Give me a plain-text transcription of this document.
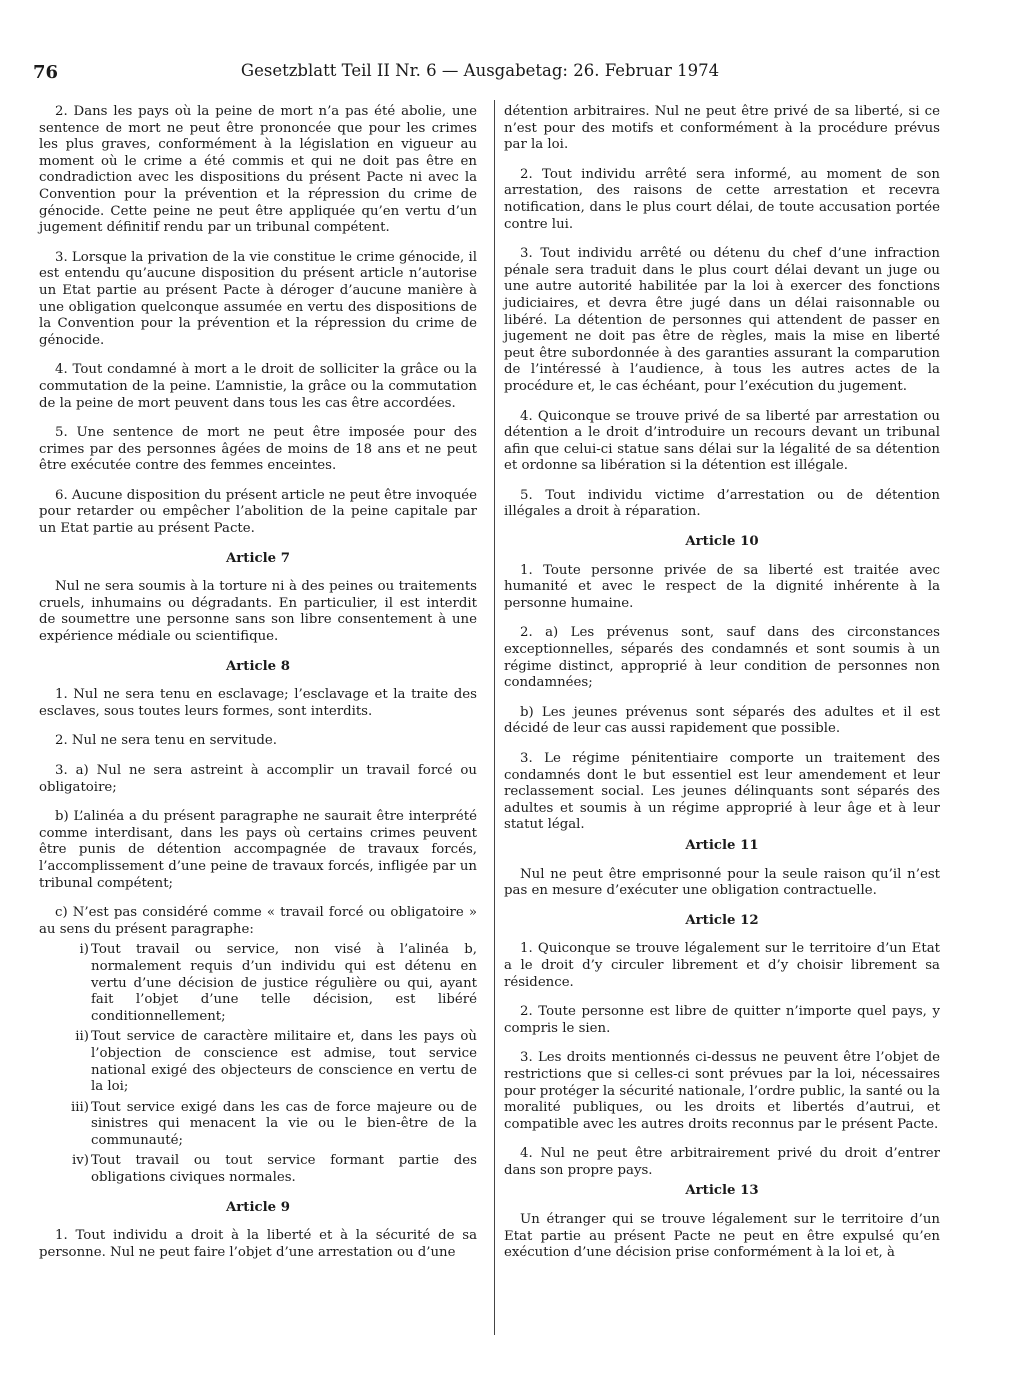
76	Gesetzblatt Teil II Nr. 6 — Ausgabetag: 26. Februar 1974

2. Dans les pays où la peine de mort n’a pas été abolie, une sentence de mort ne peut être prononcée que pour les crimes les plus graves, conformément à la législation en vigueur au moment où le crime a été commis et qui ne doit pas être en condradiction avec les dispositions du présent Pacte ni avec la Convention pour la prévention et la répression du crime de génocide. Cette peine ne peut être appliquée qu’en vertu d’un jugement définitif rendu par un tribunal compétent.

3. Lorsque la privation de la vie constitue le crime génocide, il est entendu qu’aucune disposition du présent article n’autorise un Etat partie au présent Pacte à déroger d’aucune manière à une obligation quelconque assumée en vertu des dispositions de la Convention pour la prévention et la répression du crime de génocide.

4. Tout condamné à mort a le droit de solliciter la grâce ou la commutation de la peine. L’amnistie, la grâce ou la commutation de la peine de mort peuvent dans tous les cas être accordées.

5. Une sentence de mort ne peut être imposée pour des crimes par des personnes âgées de moins de 18 ans et ne peut être exécutée contre des femmes enceintes.

6. Aucune disposition du présent article ne peut être invoquée pour retarder ou empêcher l’abolition de la peine capitale par un Etat partie au présent Pacte.

Article 7

Nul ne sera soumis à la torture ni à des peines ou traitements cruels, inhumains ou dégradants. En particulier, il est interdit de soumettre une personne sans son libre consentement à une expérience médiale ou scientifique.

Article 8

1. Nul ne sera tenu en esclavage; l’esclavage et la traite des esclaves, sous toutes leurs formes, sont interdits.

2. Nul ne sera tenu en servitude.

3. a) Nul ne sera astreint à accomplir un travail forcé ou obligatoire;

b) L’alinéa a du présent paragraphe ne saurait être interprété comme interdisant, dans les pays où certains crimes peuvent être punis de détention accompagnée de travaux forcés, l’accomplissement d’une peine de travaux forcés, infligée par un tribunal compétent;

c) N’est pas considéré comme « travail forcé ou obligatoire » au sens du présent paragraphe:

i) Tout travail ou service, non visé à l’alinéa b, normalement requis d’un individu qui est détenu en vertu d’une décision de justice régulière ou qui, ayant fait l’objet d’une telle décision, est libéré conditionnellement;
ii) Tout service de caractère militaire et, dans les pays où l’objection de conscience est admise, tout service national exigé des objecteurs de conscience en vertu de la loi;
iii) Tout service exigé dans les cas de force majeure ou de sinistres qui menacent la vie ou le bien-être de la communauté;
iv) Tout travail ou tout service formant partie des obligations civiques normales.
Article 9

1. Tout individu a droit à la liberté et à la sécurité de sa personne. Nul ne peut faire l’objet d’une arrestation ou d’une

détention arbitraires. Nul ne peut être privé de sa liberté, si ce n’est pour des motifs et conformément à la procédure prévus par la loi.

2. Tout individu arrêté sera informé, au moment de son arrestation, des raisons de cette arrestation et recevra notification, dans le plus court délai, de toute accusation portée contre lui.

3. Tout individu arrêté ou détenu du chef d’une infraction pénale sera traduit dans le plus court délai devant un juge ou une autre autorité habilitée par la loi à exercer des fonctions judiciaires, et devra être jugé dans un délai raisonnable ou libéré. La détention de personnes qui attendent de passer en jugement ne doit pas être de règles, mais la mise en liberté peut être subordonnée à des garanties assurant la comparution de l’intéressé à l’audience, à tous les autres actes de la procédure et, le cas échéant, pour l’exécution du jugement.

4. Quiconque se trouve privé de sa liberté par arrestation ou détention a le droit d’introduire un recours devant un tribunal afin que celui-ci statue sans délai sur la légalité de sa détention et ordonne sa libération si la détention est illégale.

5. Tout individu victime d’arrestation ou de détention illégales a droit à réparation.

Article 10

1. Toute personne privée de sa liberté est traitée avec humanité et avec le respect de la dignité inhérente à la personne humaine.

2. a) Les prévenus sont, sauf dans des circonstances exceptionnelles, séparés des condamnés et sont soumis à un régime distinct, approprié à leur condition de personnes non condamnées;

b) Les jeunes prévenus sont séparés des adultes et il est décidé de leur cas aussi rapidement que possible.

3. Le régime pénitentiaire comporte un traitement des condamnés dont le but essentiel est leur amendement et leur reclassement social. Les jeunes délinquants sont séparés des adultes et soumis à un régime approprié à leur âge et à leur statut légal.

Article 11

Nul ne peut être emprisonné pour la seule raison qu’il n’est pas en mesure d’exécuter une obligation contractuelle.

Article 12

1. Quiconque se trouve légalement sur le territoire d’un Etat a le droit d’y circuler librement et d’y choisir librement sa résidence.

2. Toute personne est libre de quitter n’importe quel pays, y compris le sien.

3. Les droits mentionnés ci-dessus ne peuvent être l’objet de restrictions que si celles-ci sont prévues par la loi, nécessaires pour protéger la sécurité nationale, l’ordre public, la santé ou la moralité publiques, ou les droits et libertés d’autrui, et compatible avec les autres droits reconnus par le présent Pacte.

4. Nul ne peut être arbitrairement privé du droit d’entrer dans son propre pays.

Article 13

Un étranger qui se trouve légalement sur le territoire d’un Etat partie au présent Pacte ne peut en être expulsé qu’en exécution d’une décision prise conformément à la loi et, à
